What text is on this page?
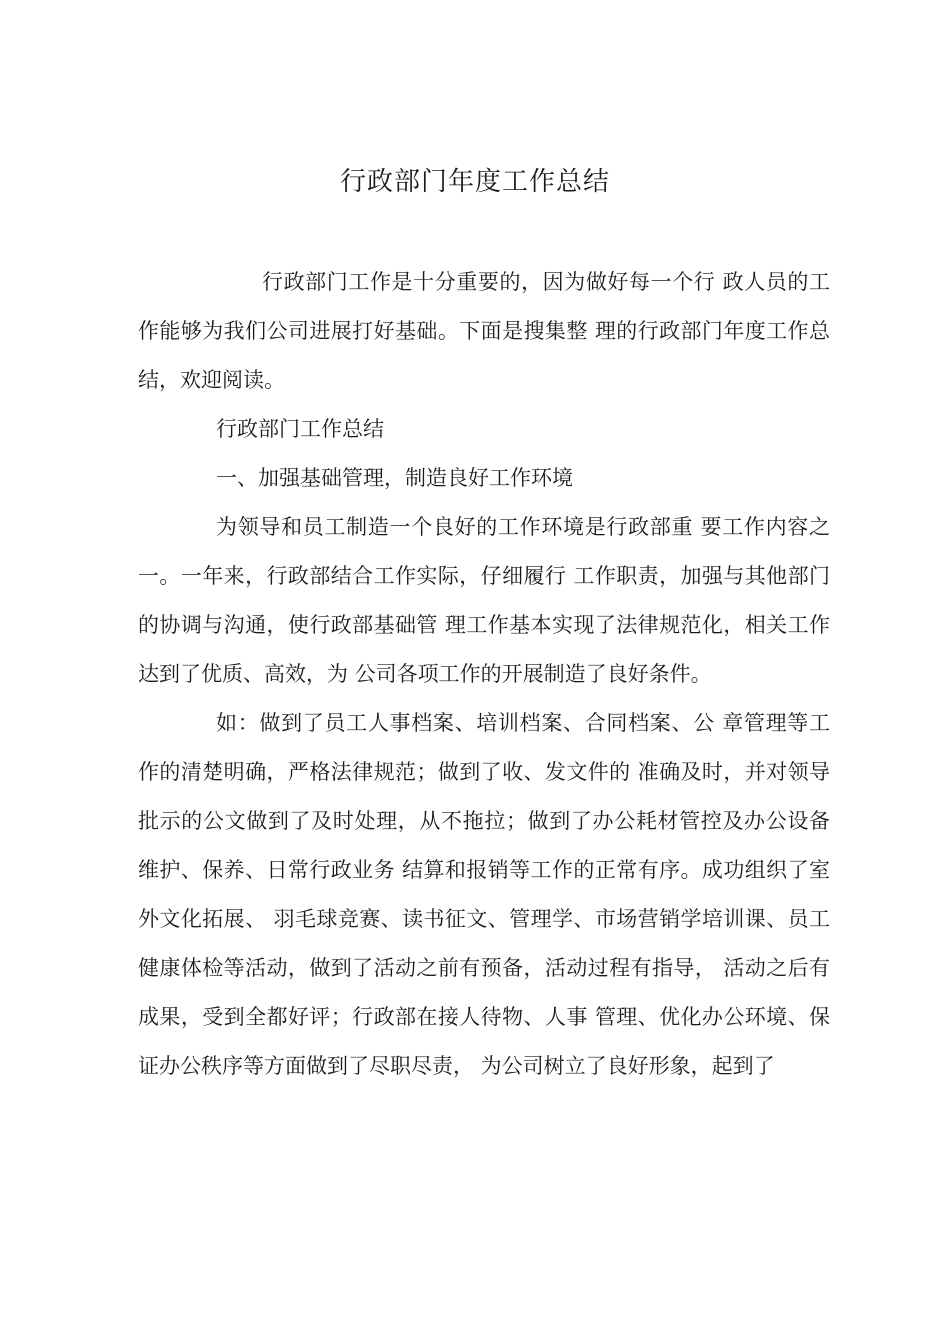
行政部门年度工作总结

行政部门工作是十分重要的，因为做好每一个行 政人员的工作能够为我们公司进展打好基础。下面是搜集整 理的行政部门年度工作总结，欢迎阅读。

行政部门工作总结

一、加强基础管理，制造良好工作环境

为领导和员工制造一个良好的工作环境是行政部重 要工作内容之一。一年来，行政部结合工作实际，仔细履行 工作职责，加强与其他部门的协调与沟通，使行政部基础管 理工作基本实现了法律规范化，相关工作达到了优质、高效，为 公司各项工作的开展制造了良好条件。

如：做到了员工人事档案、培训档案、合同档案、公 章管理等工作的清楚明确，严格法律规范；做到了收、发文件的 准确及时，并对领导批示的公文做到了及时处理，从不拖拉；做到了办公耗材管控及办公设备维护、保养、日常行政业务 结算和报销等工作的正常有序。成功组织了室外文化拓展、 羽毛球竞赛、读书征文、管理学、市场营销学培训课、员工 健康体检等活动，做到了活动之前有预备，活动过程有指导， 活动之后有成果，受到全都好评；行政部在接人待物、人事 管理、优化办公环境、保证办公秩序等方面做到了尽职尽责， 为公司树立了良好形象，起到了
